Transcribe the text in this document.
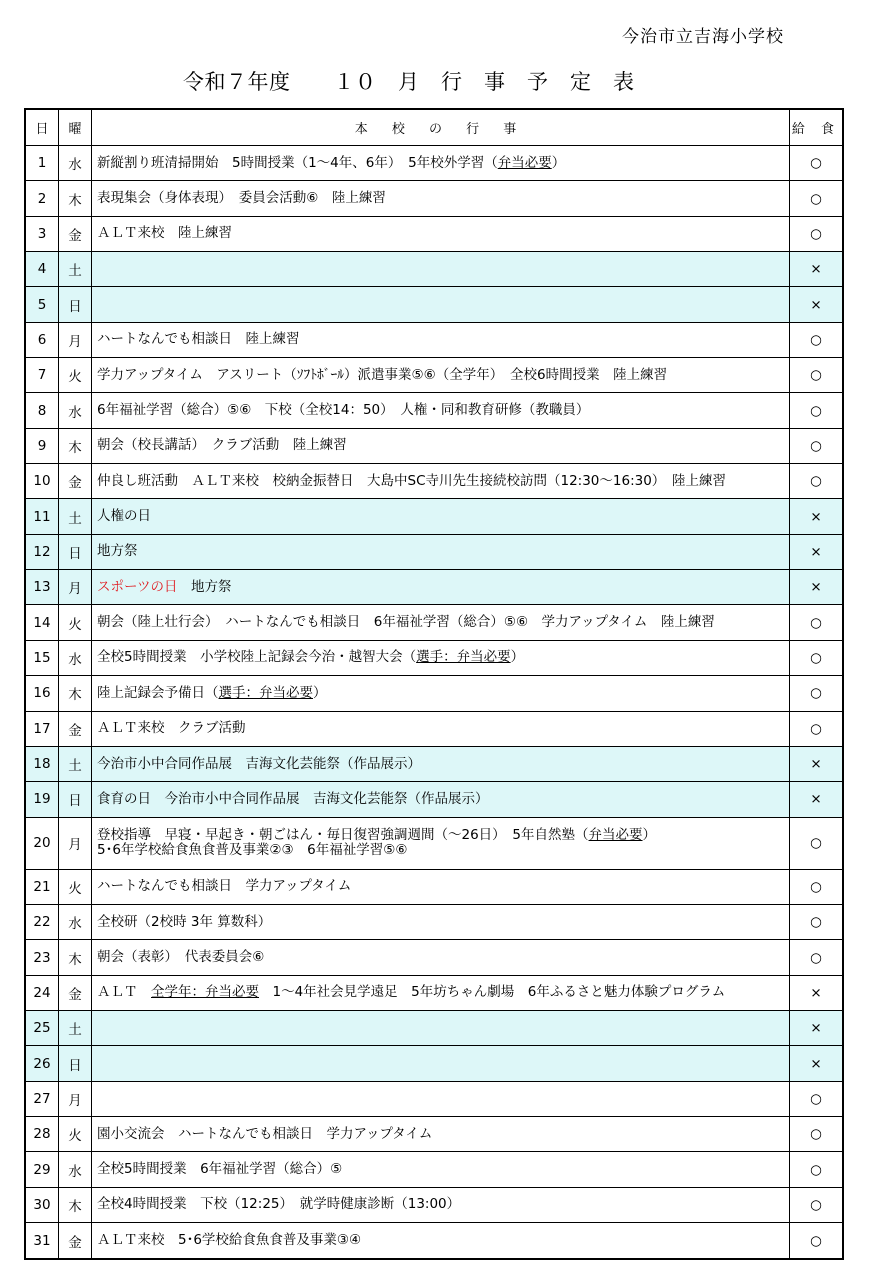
今治市立吉海小学校
令和７年度　　１０　月　行　事　予　定　表
日	曜	本 校 の 行 事	給 食
1	水	新縦割り班清掃開始　5時間授業（1～4年、6年）　5年校外学習（弁当必要）	○
2	木	表現集会（身体表現）　委員会活動⑥　陸上練習	○
3	金	ＡＬＴ来校　陸上練習	○
4	土		×
5	日		×
6	月	ハートなんでも相談日　陸上練習	○
7	火	学力アップタイム　アスリート（ｿﾌﾄﾎﾞｰﾙ）派遣事業⑤⑥（全学年）　全校6時間授業　陸上練習	○
8	水	6年福祉学習（総合）⑤⑥　下校（全校14：50）　人権・同和教育研修（教職員）	○
9	木	朝会（校長講話）　クラブ活動　陸上練習	○
10	金	仲良し班活動　ＡＬＴ来校　校納金振替日　大島中SC寺川先生接続校訪問（12:30～16:30）　陸上練習	○
11	土	人権の日	×
12	日	地方祭	×
13	月	スポーツの日　地方祭	×
14	火	朝会（陸上壮行会）　ハートなんでも相談日　6年福祉学習（総合）⑤⑥　学力アップタイム　陸上練習	○
15	水	全校5時間授業　小学校陸上記録会今治・越智大会（選手：弁当必要）	○
16	木	陸上記録会予備日（選手：弁当必要）	○
17	金	ＡＬＴ来校　クラブ活動	○
18	土	今治市小中合同作品展　吉海文化芸能祭（作品展示）	×
19	日	食育の日　今治市小中合同作品展　吉海文化芸能祭（作品展示）	×
20	月	登校指導　早寝・早起き・朝ごはん・毎日復習強調週間（～26日）　5年自然塾（弁当必要）
5･6年学校給食魚食普及事業②③　6年福祉学習⑤⑥	○
21	火	ハートなんでも相談日　学力アップタイム	○
22	水	全校研（2校時 3年 算数科）	○
23	木	朝会（表彰）　代表委員会⑥	○
24	金	ＡＬＴ　全学年：弁当必要　1～4年社会見学遠足　5年坊ちゃん劇場　6年ふるさと魅力体験プログラム	×
25	土		×
26	日		×
27	月		○
28	火	園小交流会　ハートなんでも相談日　学力アップタイム	○
29	水	全校5時間授業　6年福祉学習（総合）⑤	○
30	木	全校4時間授業　下校（12:25）　就学時健康診断（13:00）	○
31	金	ＡＬＴ来校　5･6学校給食魚食普及事業③④	○
